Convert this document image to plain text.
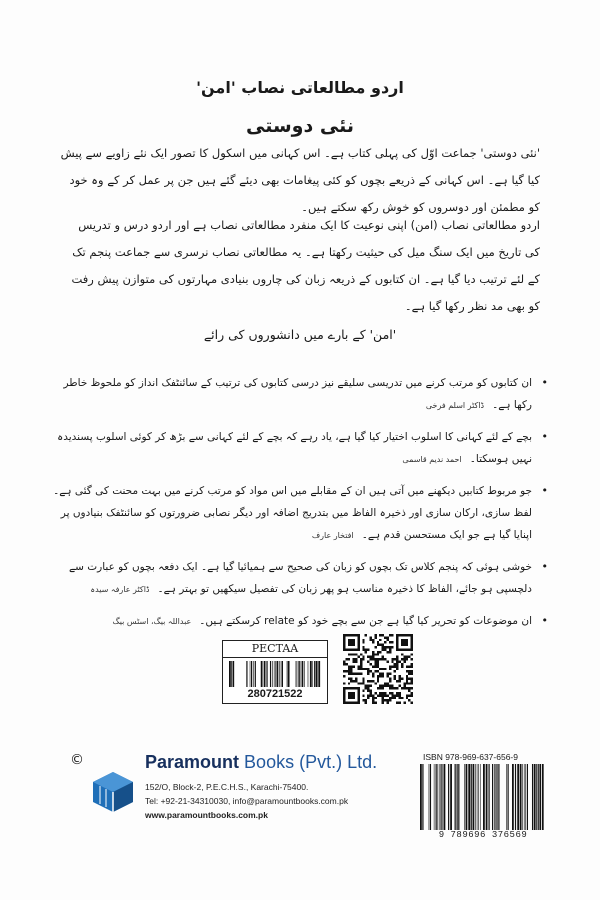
اردو مطالعاتی نصاب 'امن'
نئی دوستی
'نئی دوستی' جماعت اوّل کی پہلی کتاب ہے۔ اس کہانی میں اسکول کا تصور ایک نئے زاویے سے پیش کیا گیا ہے۔ اس کہانی کے ذریعے بچوں کو کئی پیغامات بھی دیئے گئے ہیں جن پر عمل کر کے وہ خود کو مطمئن اور دوسروں کو خوش رکھ سکتے ہیں۔
اردو مطالعاتی نصاب (امن) اپنی نوعیت کا ایک منفرد مطالعاتی نصاب ہے اور اردو درس و تدریس کی تاریخ میں ایک سنگ میل کی حیثیت رکھتا ہے۔ یہ مطالعاتی نصاب نرسری سے جماعت پنجم تک کے لئے ترتیب دیا گیا ہے۔ ان کتابوں کے ذریعہ زبان کی چاروں بنیادی مہارتوں کی متوازن پیش رفت کو بھی مد نظر رکھا گیا ہے۔
'امن' کے بارے میں دانشوروں کی رائے
•
ان کتابوں کو مرتب کرنے میں تدریسی سلیقے نیز درسی کتابوں کی ترتیب کے سائنٹفک انداز کو ملحوظ خاطر رکھا ہے۔ڈاکٹر اسلم فرخی
•
بچے کے لئے کہانی کا اسلوب اختیار کیا گیا ہے، یاد رہے کہ بچے کے لئے کہانی سے بڑھ کر کوئی اسلوب پسندیدہ نہیں ہوسکتا۔احمد ندیم قاسمی
•
جو مربوط کتابیں دیکھنے میں آتی ہیں ان کے مقابلے میں اس مواد کو مرتب کرنے میں بہت محنت کی گئی ہے۔ لفظ سازی، ارکان سازی اور ذخیرہ الفاظ میں بتدریج اضافہ اور دیگر نصابی ضرورتوں کو سائنٹفک بنیادوں پر اپنایا گیا ہے جو ایک مستحسن قدم ہے۔افتخار عارف
•
خوشی ہوئی کہ پنجم کلاس تک بچوں کو زبان کی صحیح سے ہمیائیا گیا ہے۔ ایک دفعہ بچوں کو عبارت سے دلچسپی ہو جائے، الفاظ کا ذخیرہ مناسب ہو پھر زبان کی تفصیل سیکھیں تو بہتر ہے۔ڈاکٹر عارفہ سیدہ
•
ان موضوعات کو تحریر کیا گیا ہے جن سے بچے خود کو relate کرسکتے ہیں۔عبداللہ بیگ، اسٹس بیگ
PECTAA
280721522
©	Paramount Books (Pvt.) Ltd.
152/O, Block-2, P.E.C.H.S., Karachi-75400.
Tel: +92-21-34310030, info@paramountbooks.com.pk
www.paramountbooks.com.pk
ISBN 978-969-637-656-9
9 789696 376569
